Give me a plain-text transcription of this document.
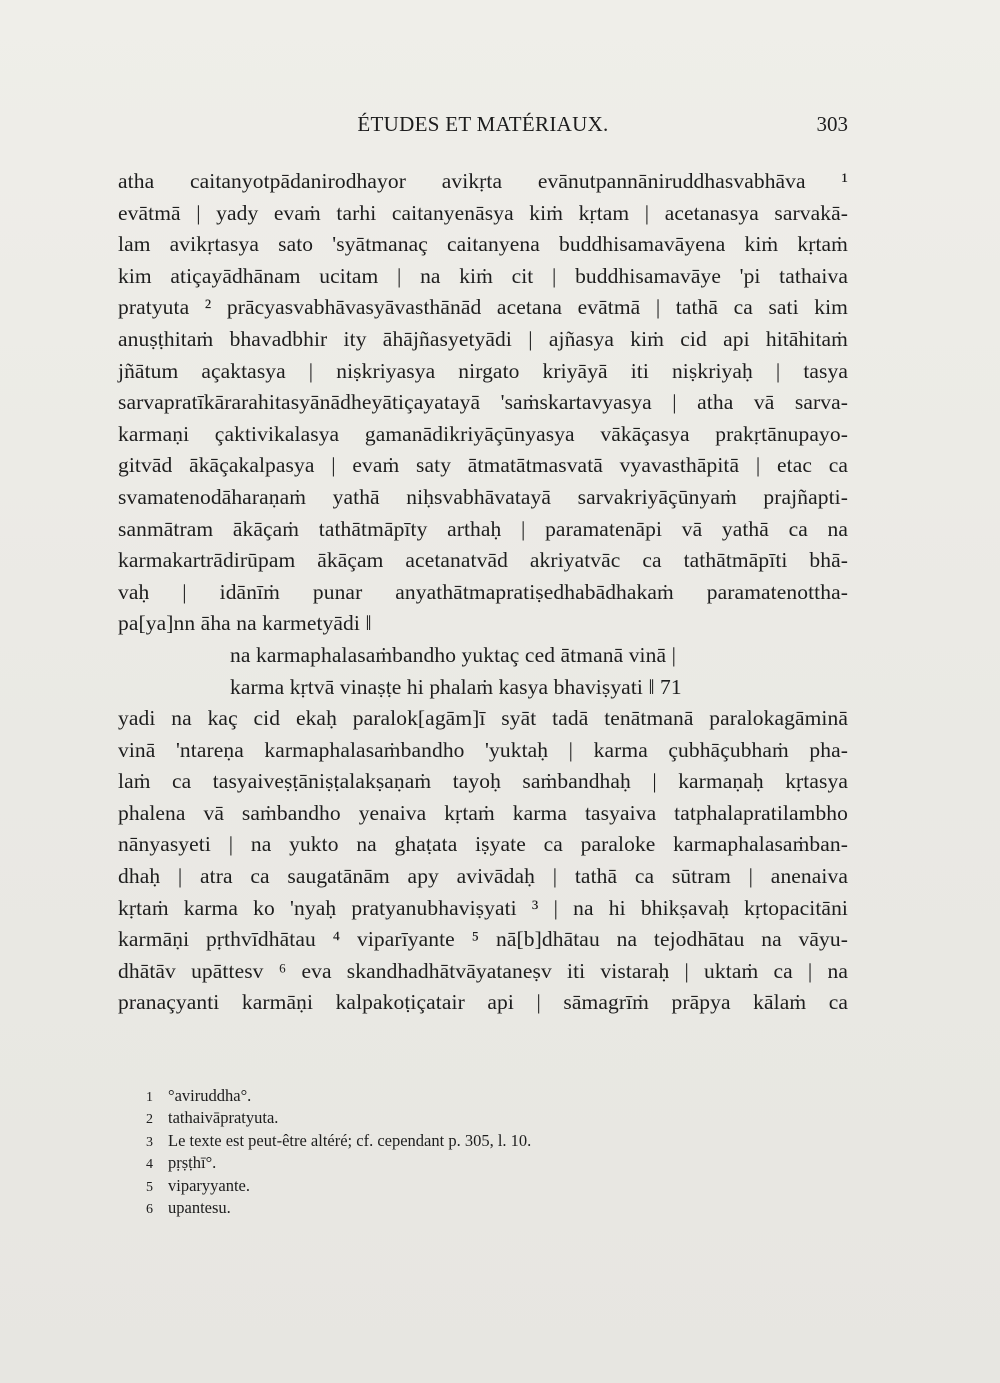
ÉTUDES ET MATÉRIAUX.	303
atha caitanyotpādanirodhayor avikṛta evānutpannāniruddhasvabhāva ¹
evātmā | yady evaṁ tarhi caitanyenāsya kiṁ kṛtam | acetanasya sarvakā-
lam avikṛtasya sato 'syātmanaç caitanyena buddhisamavāyena kiṁ kṛtaṁ
kim atiçayādhānam ucitam | na kiṁ cit | buddhisamavāye 'pi tathaiva
pratyuta ² prācyasvabhāvasyāvasthānād acetana evātmā | tathā ca sati kim
anuṣṭhitaṁ bhavadbhir ity āhājñasyetyādi | ajñasya kiṁ cid api hitāhitaṁ
jñātum açaktasya | niṣkriyasya nirgato kriyāyā iti niṣkriyaḥ | tasya
sarvapratīkārarahitasyānādheyātiçayatayā 'saṁskartavyasya | atha vā sarva-
karmaṇi çaktivikalasya gamanādikriyāçūnyasya vākāçasya prakṛtānupayo-
gitvād ākāçakalpasya | evaṁ saty ātmatātmasvatā vyavasthāpitā | etac ca
svamatenodāharaṇaṁ yathā niḥsvabhāvatayā sarvakriyāçūnyaṁ prajñapti-
sanmātram ākāçaṁ tathātmāpīty arthaḥ | paramatenāpi vā yathā ca na
karmakartrādirūpam ākāçam acetanatvād akriyatvāc ca tathātmāpīti bhā-
vaḥ | idānīṁ punar anyathātmapratiṣedhabādhakaṁ paramatenottha-
pa[ya]nn āha na karmetyādi ‖
na karmaphalasaṁbandho yuktaç ced ātmanā vinā |
karma kṛtvā vinaṣṭe hi phalaṁ kasya bhaviṣyati ‖ 71
yadi na kaç cid ekaḥ paralok[agām]ī syāt tadā tenātmanā paralokagāminā
vinā 'ntareṇa karmaphalasaṁbandho 'yuktaḥ | karma çubhāçubhaṁ pha-
laṁ ca tasyaiveṣṭāniṣṭalakṣaṇaṁ tayoḥ saṁbandhaḥ | karmaṇaḥ kṛtasya
phalena vā saṁbandho yenaiva kṛtaṁ karma tasyaiva tatphalapratilambho
nānyasyeti | na yukto na ghaṭata iṣyate ca paraloke karmaphalasaṁban-
dhaḥ | atra ca saugatānām apy avivādaḥ | tathā ca sūtram | anenaiva
kṛtaṁ karma ko 'nyaḥ pratyanubhaviṣyati ³ | na hi bhikṣavaḥ kṛtopacitāni
karmāṇi pṛthvīdhātau ⁴ viparīyante ⁵ nā[b]dhātau na tejodhātau na vāyu-
dhātāv upāttesv ⁶ eva skandhadhātvāyataneṣv iti vistaraḥ | uktaṁ ca | na
pranaçyanti karmāṇi kalpakoṭiçatair api | sāmagrīṁ prāpya kālaṁ ca
1 °aviruddha°.
2 tathaivāpratyuta.
3 Le texte est peut-être altéré; cf. cependant p. 305, l. 10.
4 pṛṣṭhī°.
5 viparyyante.
6 upantesu.
